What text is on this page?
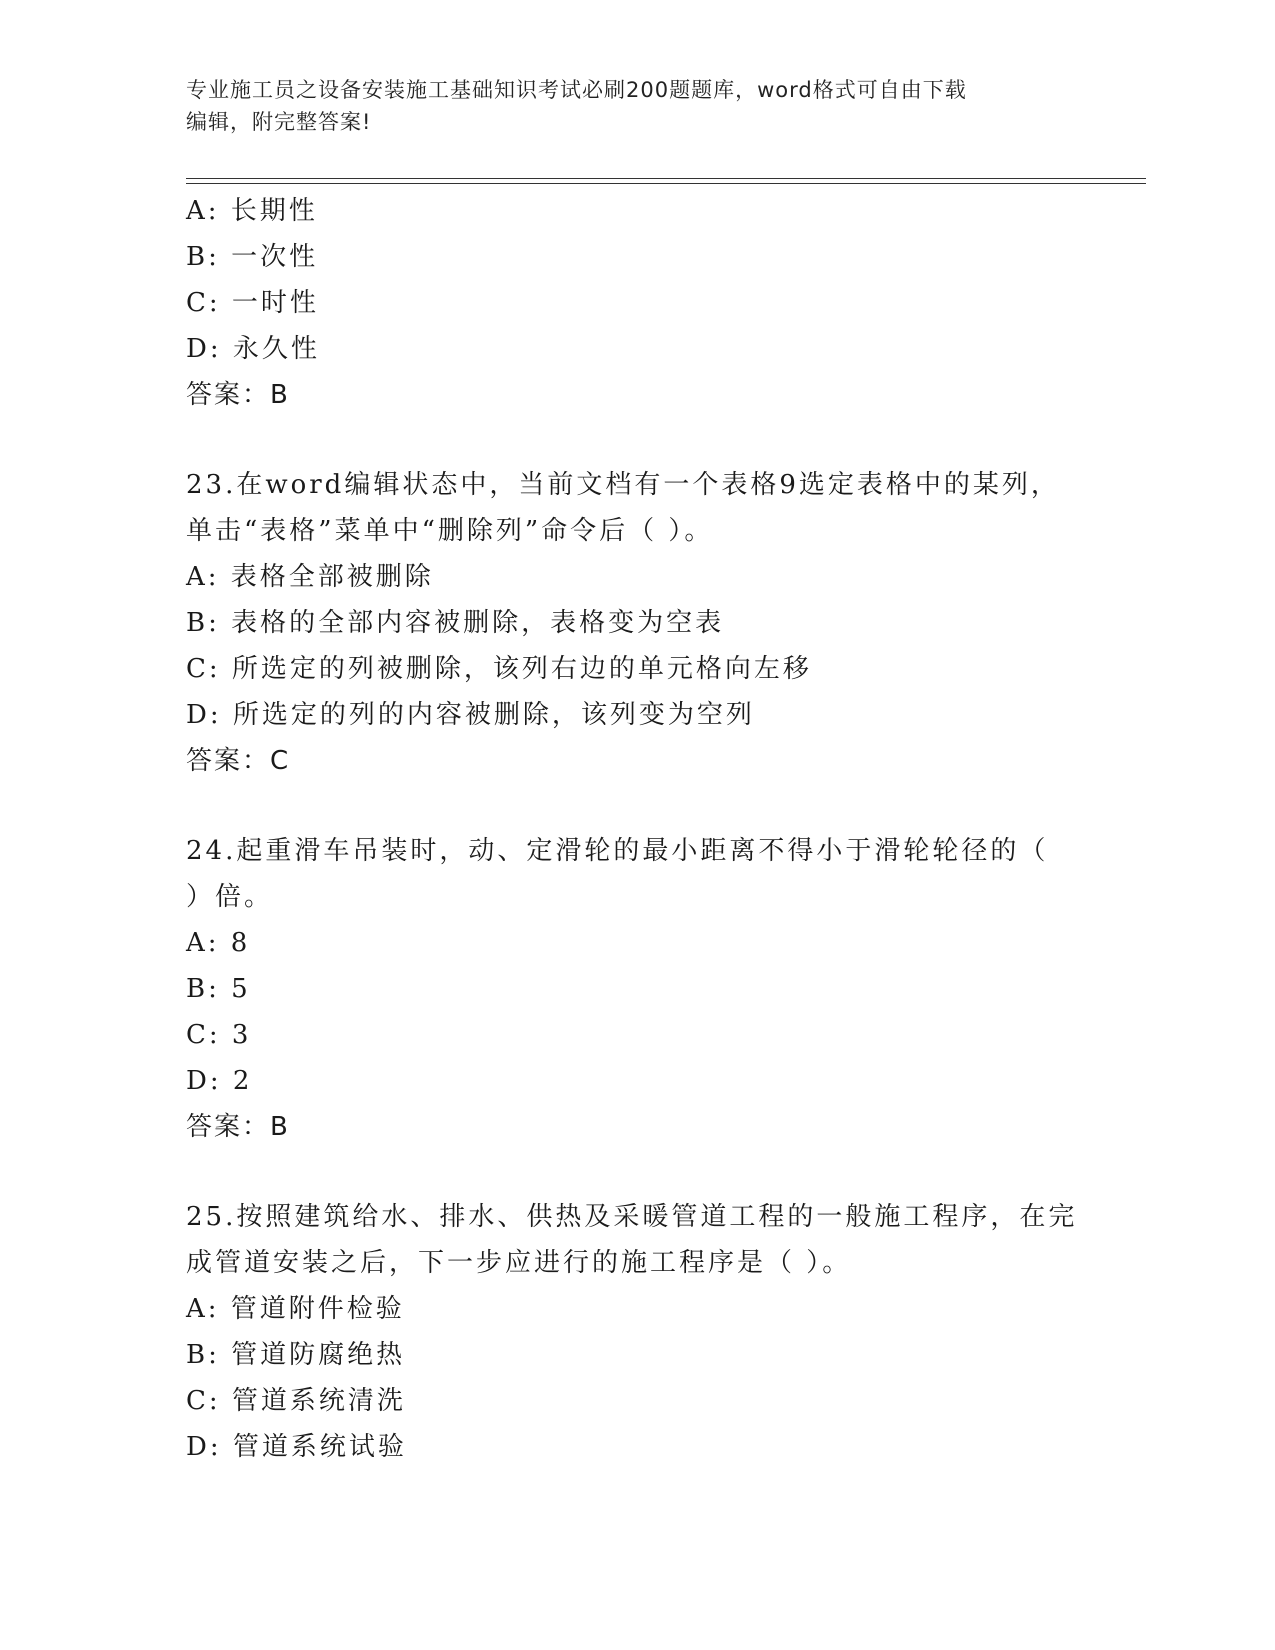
专业施工员之设备安装施工基础知识考试必刷200题题库，word格式可自由下载
编辑，附完整答案!
A: 长期性
B: 一次性
C: 一时性
D: 永久性
答案：B
23.在word编辑状态中，当前文档有一个表格9选定表格中的某列，
单击“表格”菜单中“删除列”命令后（ ）。
A: 表格全部被删除
B: 表格的全部内容被删除，表格变为空表
C: 所选定的列被删除，该列右边的单元格向左移
D: 所选定的列的内容被删除，该列变为空列
答案：C
24.起重滑车吊装时，动、定滑轮的最小距离不得小于滑轮轮径的（
）倍。
A: 8
B: 5
C: 3
D: 2
答案：B
25.按照建筑给水、排水、供热及采暖管道工程的一般施工程序，在完
成管道安装之后，下一步应进行的施工程序是（ ）。
A: 管道附件检验
B: 管道防腐绝热
C: 管道系统清洗
D: 管道系统试验
